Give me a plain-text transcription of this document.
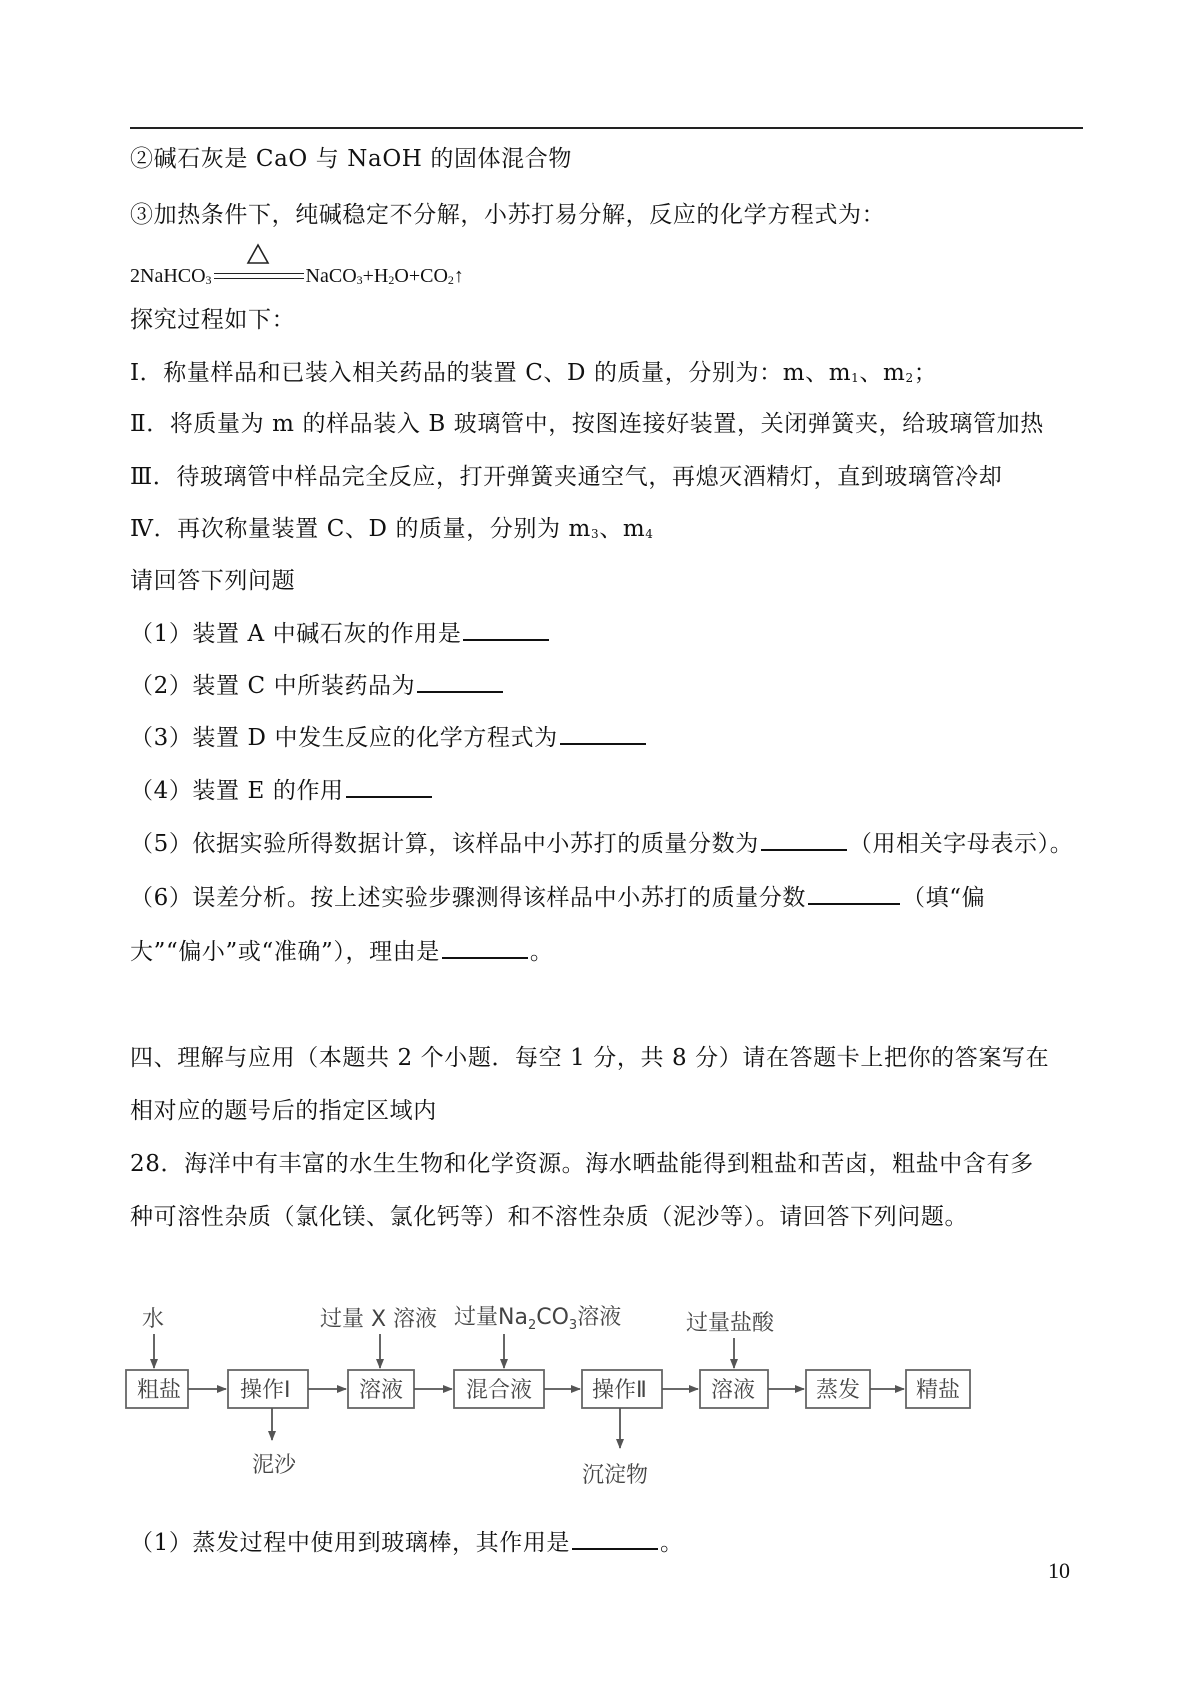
②碱石灰是 CaO 与 NaOH 的固体混合物
③加热条件下，纯碱稳定不分解，小苏打易分解，反应的化学方程式为：
2NaHCO$_3$	$NaCO_3+H_2O+CO_2↑$
探究过程如下：
Ⅰ．称量样品和已装入相关药品的装置 C、D 的质量，分别为：m、$m_1$、$m_2$；
Ⅱ．将质量为 m 的样品装入 B 玻璃管中，按图连接好装置，关闭弹簧夹，给玻璃管加热
Ⅲ．待玻璃管中样品完全反应，打开弹簧夹通空气，再熄灭酒精灯，直到玻璃管冷却
Ⅳ．再次称量装置 C、D 的质量，分别为 $m_3$、$m_4$
请回答下列问题
（1）装置 A 中碱石灰的作用是
（2）装置 C 中所装药品为
（3）装置 D 中发生反应的化学方程式为
（4）装置 E 的作用
（5）依据实验所得数据计算，该样品中小苏打的质量分数为	（用相关字母表示）。
（6）误差分析。按上述实验步骤测得该样品中小苏打的质量分数	（填“偏
大”“偏小”或“准确”），理由是	。
四、理解与应用（本题共 2 个小题．每空 1 分，共 8 分）请在答题卡上把你的答案写在
相对应的题号后的指定区域内
28．海洋中有丰富的水生生物和化学资源。海水晒盐能得到粗盐和苦卤，粗盐中含有多
种可溶性杂质（氯化镁、氯化钙等）和不溶性杂质（泥沙等）。请回答下列问题。
水	过量 X 溶液 过量$Na_2CO_3$溶液	过量盐酸
粗盐	操作Ⅰ	溶液	混合液	操作Ⅱ	溶液	蒸发	精盐
泥沙	沉淀物
（1）蒸发过程中使用到玻璃棒，其作用是	。
10
